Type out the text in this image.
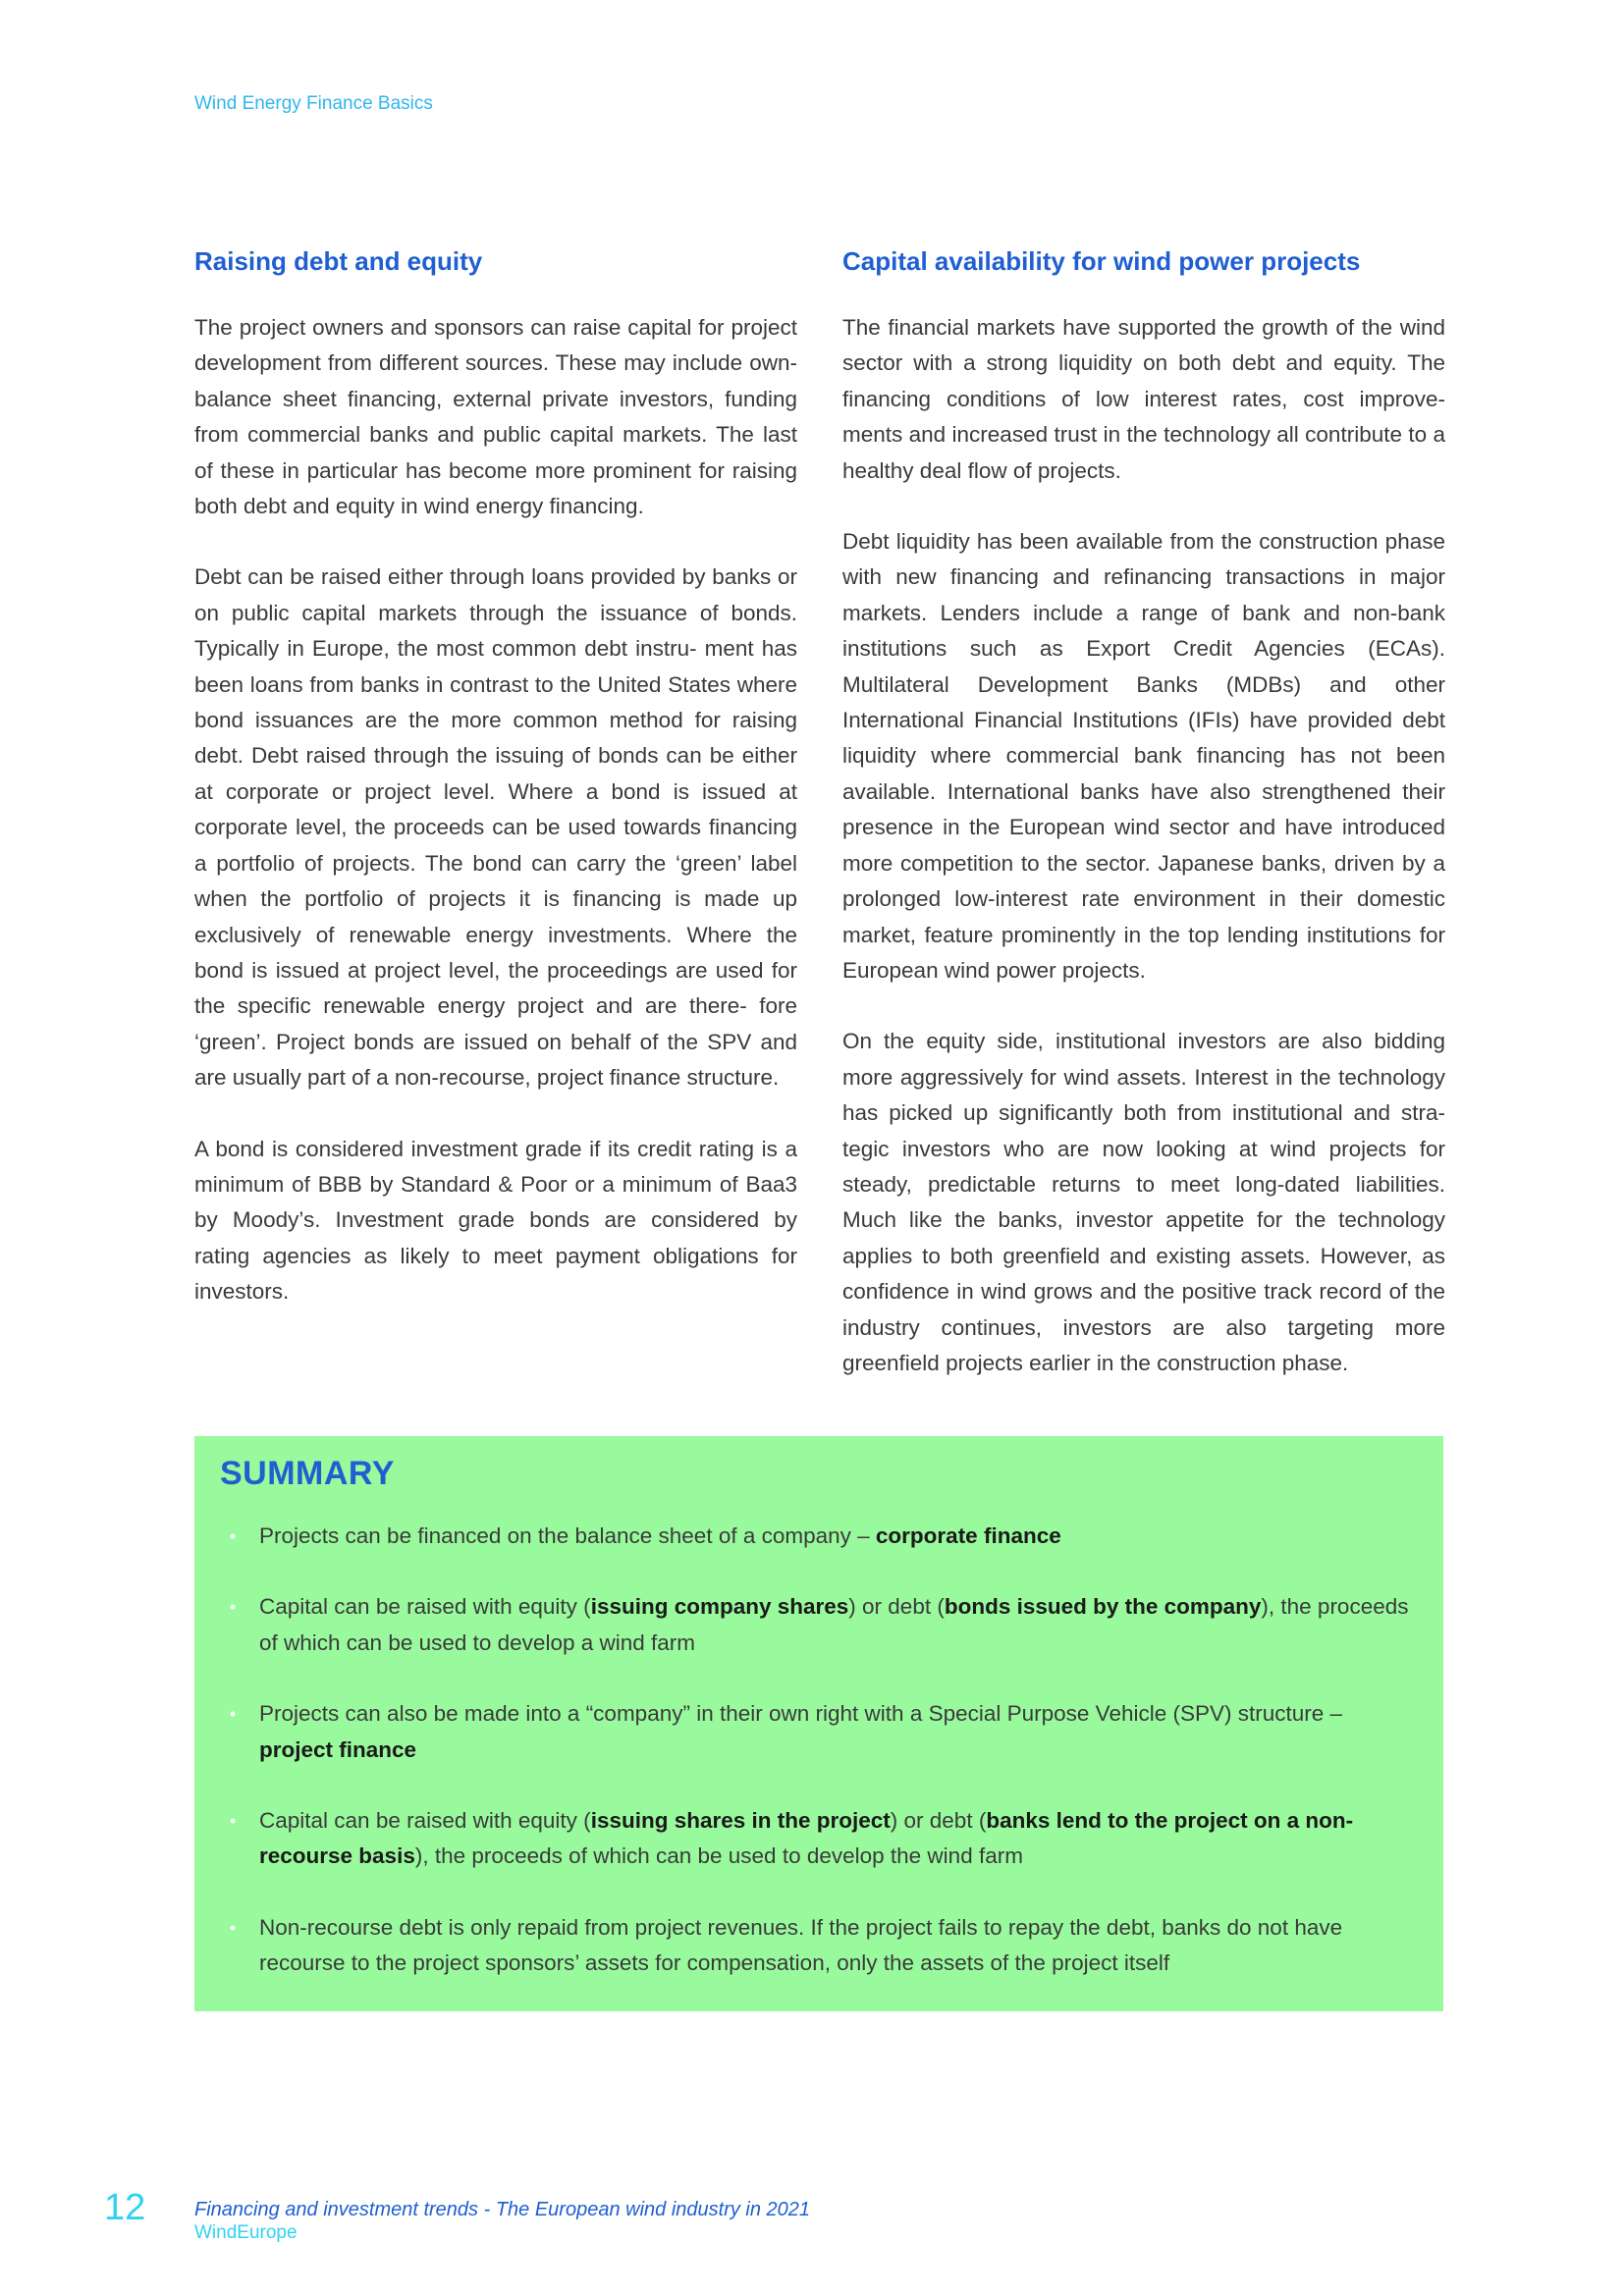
Wind Energy Finance Basics
Raising debt and equity

The project owners and sponsors can raise capital for project development from different sources. These may include own-balance sheet financing, external private investors, funding from commercial banks and public capital markets. The last of these in particular has become more prominent for raising both debt and equity in wind energy financing.

Debt can be raised either through loans provided by banks or on public capital markets through the issuance of bonds. Typically in Europe, the most common debt instru- ment has been loans from banks in contrast to the United States where bond issuances are the more common method for raising debt. Debt raised through the issuing of bonds can be either at corporate or project level. Where a bond is issued at corporate level, the proceeds can be used towards financing a portfolio of projects. The bond can carry the ‘green’ label when the portfolio of projects it is financing is made up exclusively of renewable energy investments. Where the bond is issued at project level, the proceedings are used for the specific renewable energy project and are there- fore ‘green’. Project bonds are issued on behalf of the SPV and are usually part of a non-recourse, project finance structure.

A bond is considered investment grade if its credit rating is a minimum of BBB by Standard & Poor or a minimum of Baa3 by Moody’s. Investment grade bonds are considered by rating agencies as likely to meet payment obligations for investors.

Capital availability for wind power projects

The financial markets have supported the growth of the wind sector with a strong liquidity on both debt and equity. The financing conditions of low interest rates, cost improve- ments and increased trust in the technology all contribute to a healthy deal flow of projects.

Debt liquidity has been available from the construction phase with new financing and refinancing transactions in major markets. Lenders include a range of bank and non-bank institutions such as Export Credit Agencies (ECAs). Multilateral Development Banks (MDBs) and other International Financial Institutions (IFIs) have provided debt liquidity where commercial bank financing has not been available. International banks have also strengthened their presence in the European wind sector and have introduced more competition to the sector. Japanese banks, driven by a prolonged low-interest rate environment in their domestic market, feature prominently in the top lending institutions for European wind power projects.

On the equity side, institutional investors are also bidding more aggressively for wind assets. Interest in the technology has picked up significantly both from institutional and stra- tegic investors who are now looking at wind projects for steady, predictable returns to meet long-dated liabilities. Much like the banks, investor appetite for the technology applies to both greenfield and existing assets. However, as confidence in wind grows and the positive track record of the industry continues, investors are also targeting more greenfield projects earlier in the construction phase.

SUMMARY
• Projects can be financed on the balance sheet of a company – corporate finance
• Capital can be raised with equity (issuing company shares) or debt (bonds issued by the company), the proceeds of which can be used to develop a wind farm
• Projects can also be made into a “company” in their own right with a Special Purpose Vehicle (SPV) structure – project finance
• Capital can be raised with equity (issuing shares in the project) or debt (banks lend to the project on a non-recourse basis), the proceeds of which can be used to develop the wind farm
• Non-recourse debt is only repaid from project revenues. If the project fails to repay the debt, banks do not have recourse to the project sponsors’ assets for compensation, only the assets of the project itself
12 Financing and investment trends - The European wind industry in 2021
WindEurope
